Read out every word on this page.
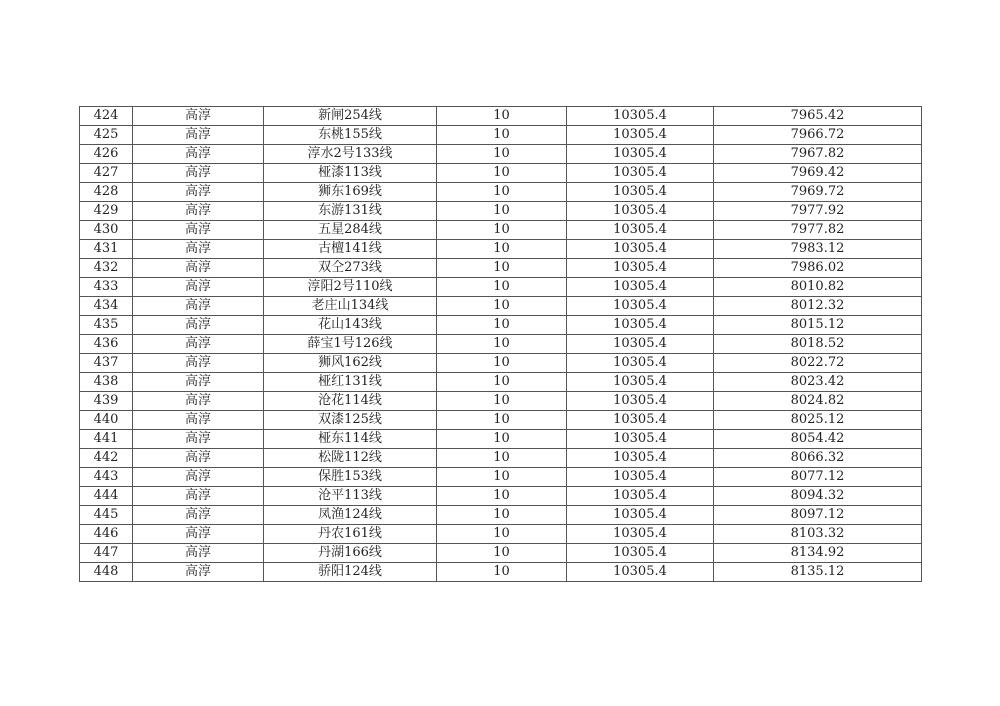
424	高淳	新闸254线	10	10305.4	7965.42
425	高淳	东桃155线	10	10305.4	7966.72
426	高淳	淳水2号133线	10	10305.4	7967.82
427	高淳	桠漆113线	10	10305.4	7969.42
428	高淳	狮东169线	10	10305.4	7969.72
429	高淳	东游131线	10	10305.4	7977.92
430	高淳	五星284线	10	10305.4	7977.82
431	高淳	古檀141线	10	10305.4	7983.12
432	高淳	双仝273线	10	10305.4	7986.02
433	高淳	淳阳2号110线	10	10305.4	8010.82
434	高淳	老庄山134线	10	10305.4	8012.32
435	高淳	花山143线	10	10305.4	8015.12
436	高淳	薛宝1号126线	10	10305.4	8018.52
437	高淳	狮风162线	10	10305.4	8022.72
438	高淳	桠红131线	10	10305.4	8023.42
439	高淳	沧花114线	10	10305.4	8024.82
440	高淳	双漆125线	10	10305.4	8025.12
441	高淳	桠东114线	10	10305.4	8054.42
442	高淳	松陇112线	10	10305.4	8066.32
443	高淳	保胜153线	10	10305.4	8077.12
444	高淳	沧平113线	10	10305.4	8094.32
445	高淳	凤渔124线	10	10305.4	8097.12
446	高淳	丹农161线	10	10305.4	8103.32
447	高淳	丹湖166线	10	10305.4	8134.92
448	高淳	骄阳124线	10	10305.4	8135.12
